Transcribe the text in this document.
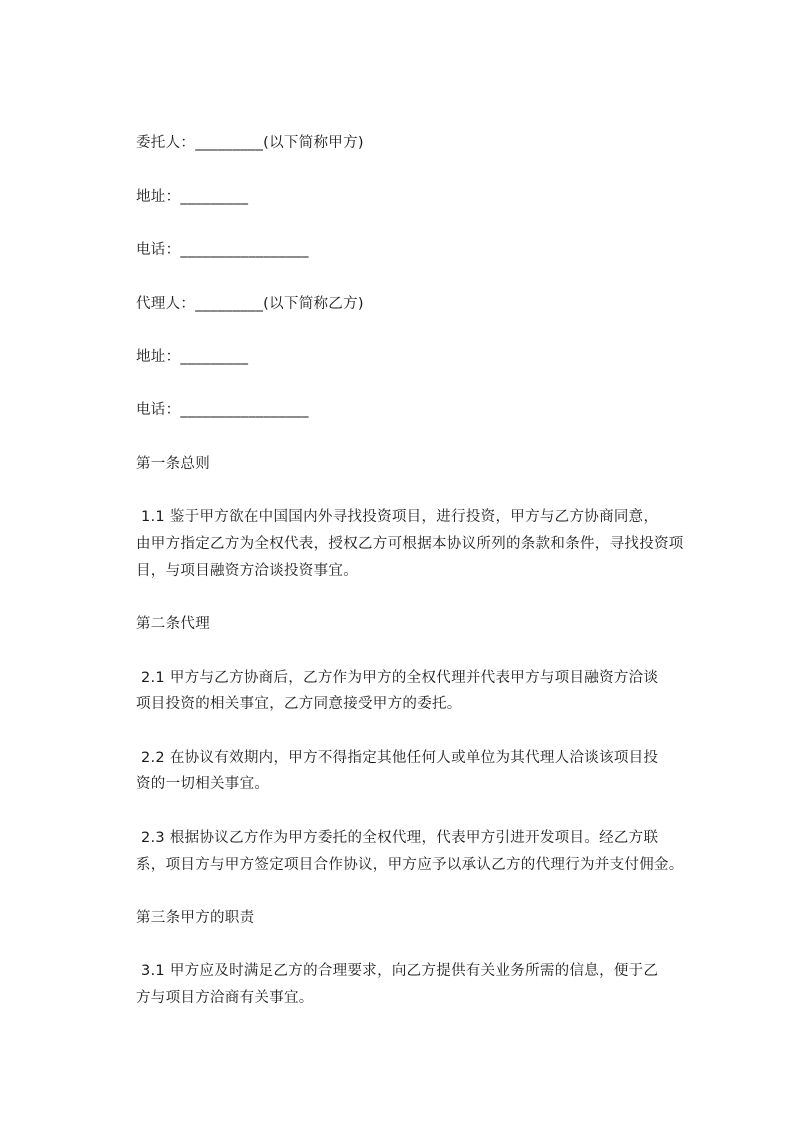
委托人：_________(以下简称甲方)
地址：_________
电话：_________________
代理人：_________(以下简称乙方)
地址：_________
电话：_________________
第一条总则
1.1 鉴于甲方欲在中国国内外寻找投资项目，进行投资，甲方与乙方协商同意，
由甲方指定乙方为全权代表，授权乙方可根据本协议所列的条款和条件，寻找投资项
目，与项目融资方洽谈投资事宜。
第二条代理
2.1 甲方与乙方协商后，乙方作为甲方的全权代理并代表甲方与项目融资方洽谈
项目投资的相关事宜，乙方同意接受甲方的委托。
2.2 在协议有效期内，甲方不得指定其他任何人或单位为其代理人洽谈该项目投
资的一切相关事宜。
2.3 根据协议乙方作为甲方委托的全权代理，代表甲方引进开发项目。经乙方联
系，项目方与甲方签定项目合作协议，甲方应予以承认乙方的代理行为并支付佣金。
第三条甲方的职责
3.1 甲方应及时满足乙方的合理要求，向乙方提供有关业务所需的信息，便于乙
方与项目方洽商有关事宜。
